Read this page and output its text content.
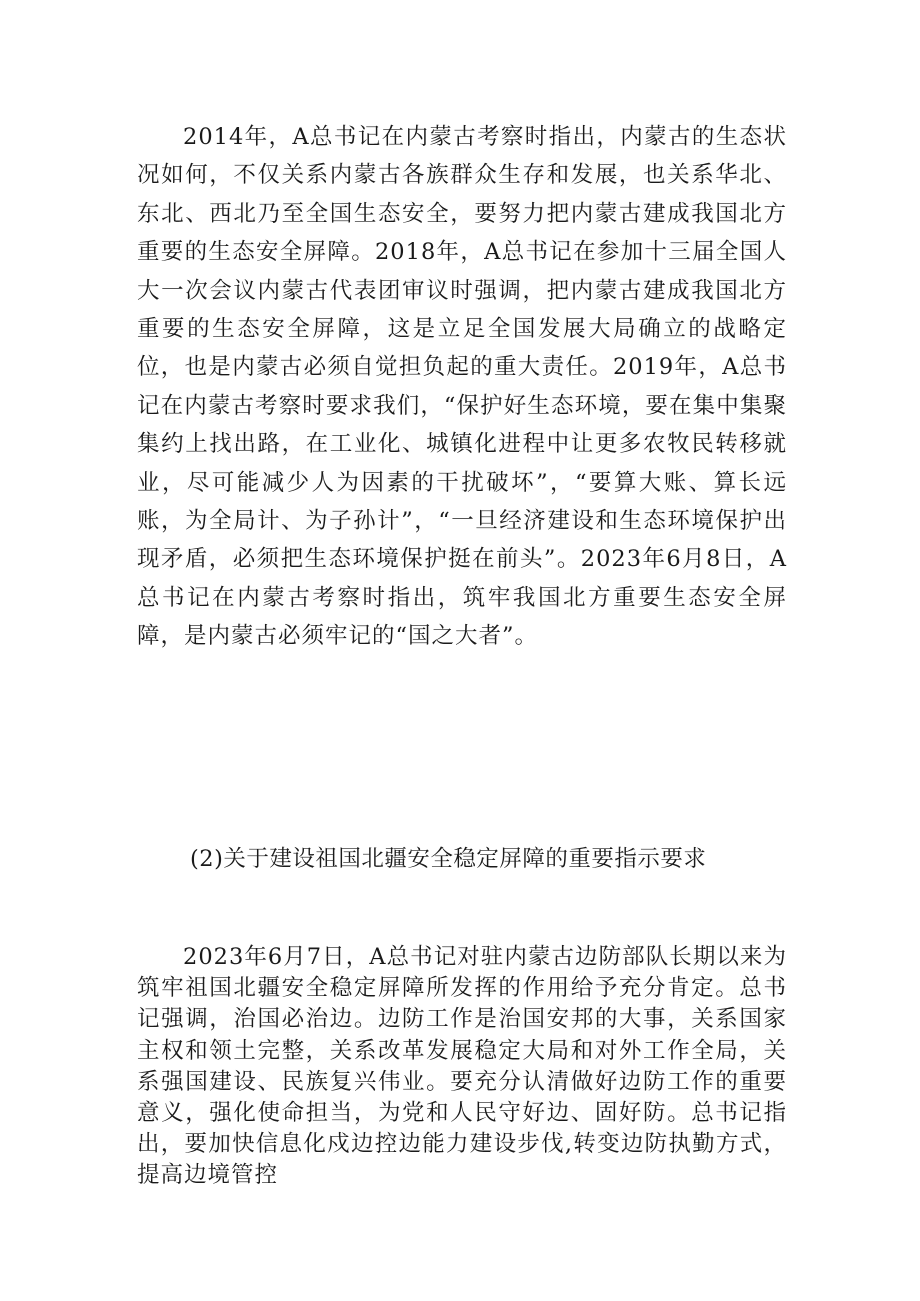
2014年，A总书记在内蒙古考察时指出，内蒙古的生态状况如何，不仅关系内蒙古各族群众生存和发展，也关系华北、东北、西北乃至全国生态安全，要努力把内蒙古建成我国北方重要的生态安全屏障。2018年，A总书记在参加十三届全国人大一次会议内蒙古代表团审议时强调，把内蒙古建成我国北方重要的生态安全屏障，这是立足全国发展大局确立的战略定位，也是内蒙古必须自觉担负起的重大责任。2019年，A总书记在内蒙古考察时要求我们，“保护好生态环境，要在集中集聚集约上找出路，在工业化、城镇化进程中让更多农牧民转移就业，尽可能减少人为因素的干扰破坏”，“要算大账、算长远账，为全局计、为子孙计”，“一旦经济建设和生态环境保护出现矛盾，必须把生态环境保护挺在前头”。2023年6月8日，A总书记在内蒙古考察时指出，筑牢我国北方重要生态安全屏障，是内蒙古必须牢记的“国之大者”。

(2)关于建设祖国北疆安全稳定屏障的重要指示要求

2023年6月7日，A总书记对驻内蒙古边防部队长期以来为筑牢祖国北疆安全稳定屏障所发挥的作用给予充分肯定。总书记强调，治国必治边。边防工作是治国安邦的大事，关系国家主权和领土完整，关系改革发展稳定大局和对外工作全局，关系强国建设、民族复兴伟业。要充分认清做好边防工作的重要意义，强化使命担当，为党和人民守好边、固好防。总书记指出，要加快信息化戍边控边能力建设步伐,转变边防执勤方式，提高边境管控
